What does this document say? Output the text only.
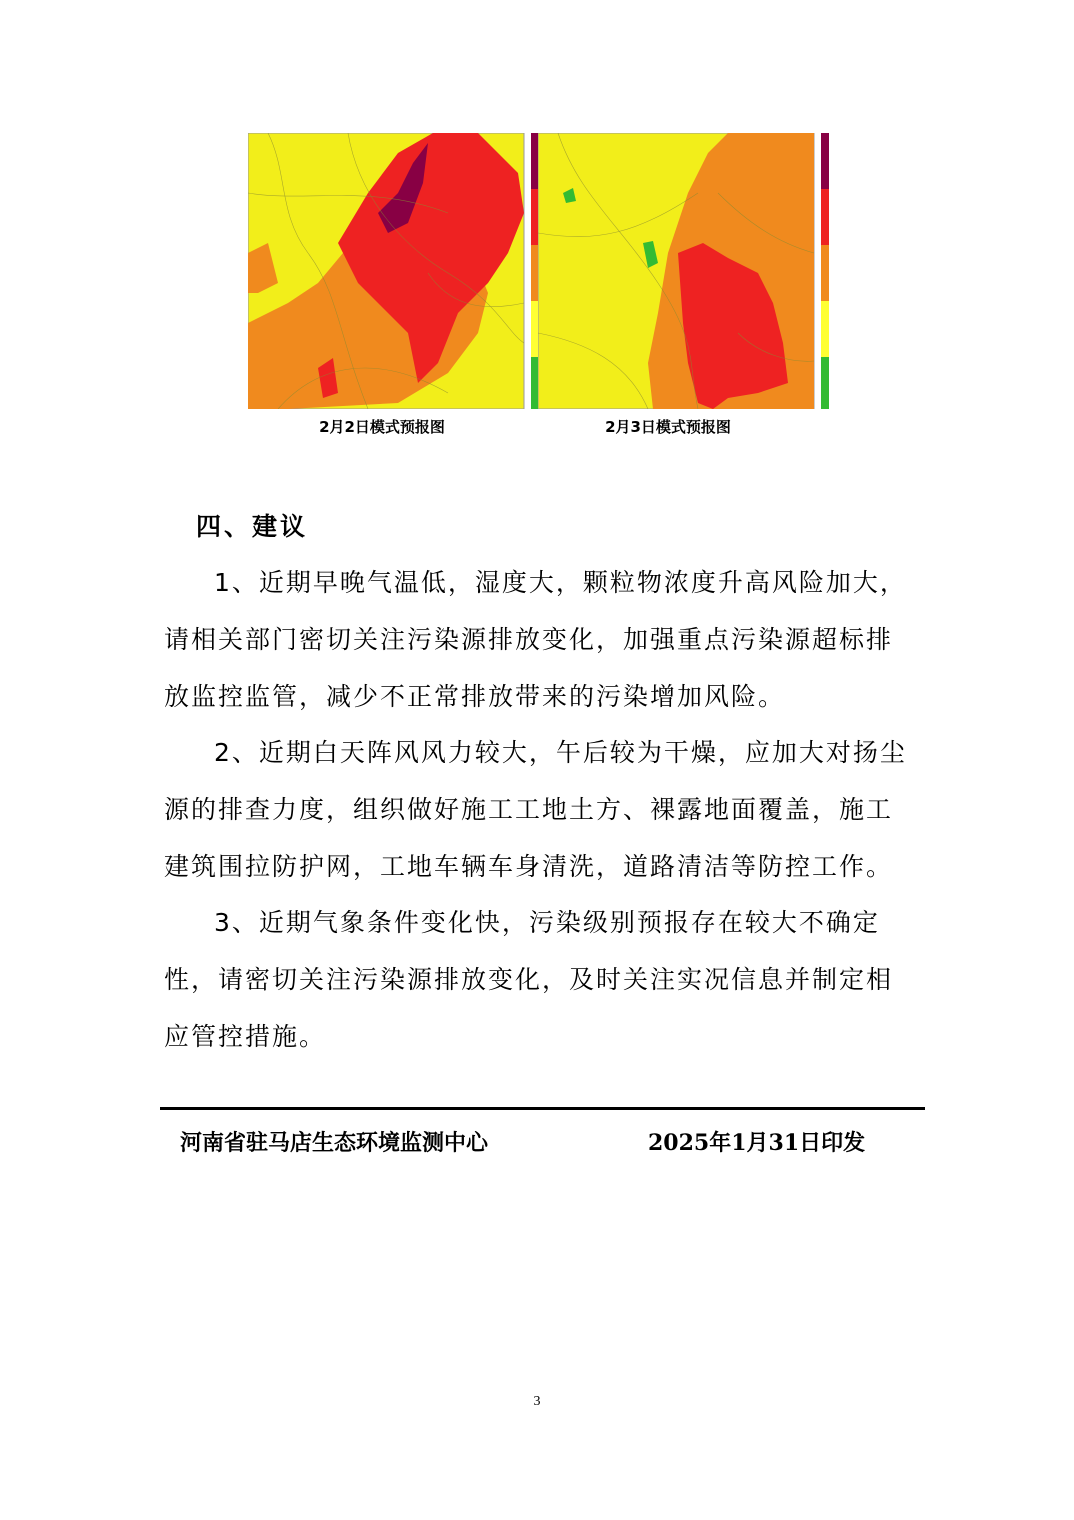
2月2日模式预报图	2月3日模式预报图
四、建议

1、近期早晚气温低，湿度大，颗粒物浓度升高风险加大，请相关部门密切关注污染源排放变化，加强重点污染源超标排放监控监管，减少不正常排放带来的污染增加风险。

2、近期白天阵风风力较大，午后较为干燥，应加大对扬尘源的排查力度，组织做好施工工地土方、裸露地面覆盖，施工建筑围拉防护网，工地车辆车身清洗，道路清洁等防控工作。

3、近期气象条件变化快，污染级别预报存在较大不确定性，请密切关注污染源排放变化，及时关注实况信息并制定相应管控措施。

河南省驻马店生态环境监测中心	2025年1月31日印发
3
